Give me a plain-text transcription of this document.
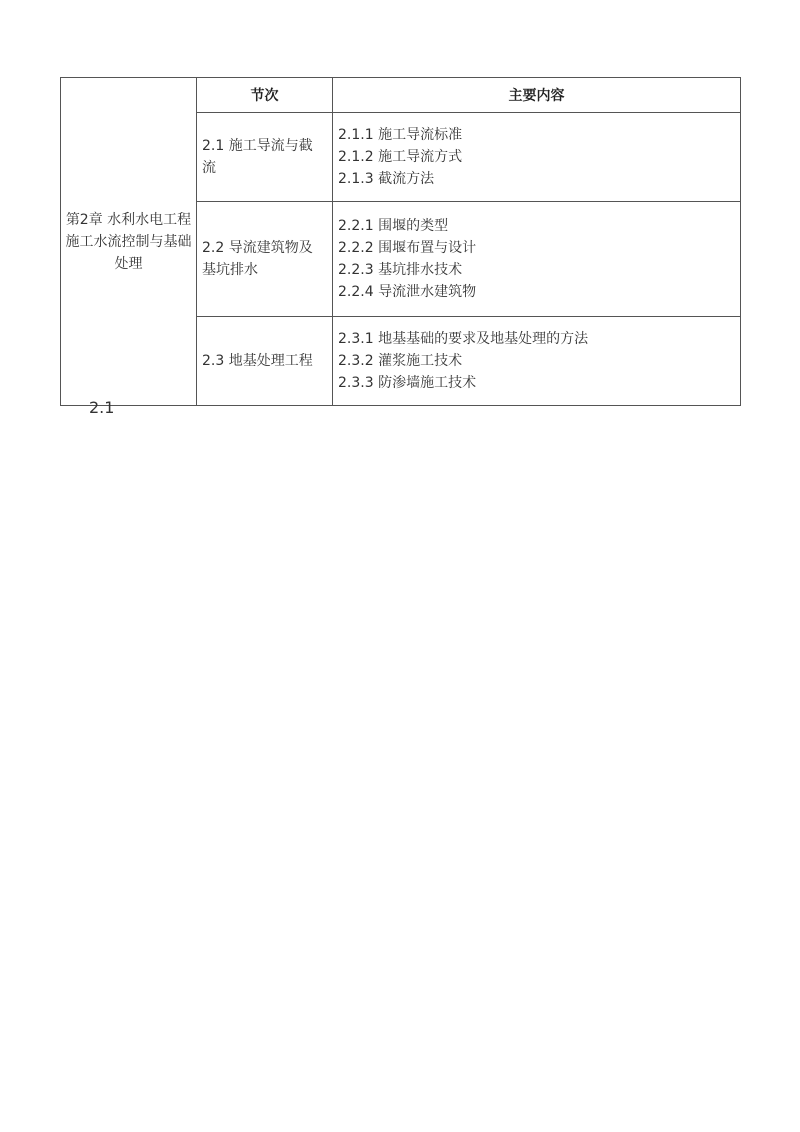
第2章 水利水电工程施工水流控制与基础处理	节次	主要内容
	2.1 施工导流与截流	2.1.1 施工导流标准
2.1.2 施工导流方式
2.1.3 截流方法

	2.2 导流建筑物及基坑排水	2.2.1 围堰的类型
2.2.2 围堰布置与设计
2.2.3 基坑排水技术
2.2.4 导流泄水建筑物

	2.3 地基处理工程	2.3.1 地基基础的要求及地基处理的方法
2.3.2 灌浆施工技术
2.3.3 防渗墙施工技术
2.1
